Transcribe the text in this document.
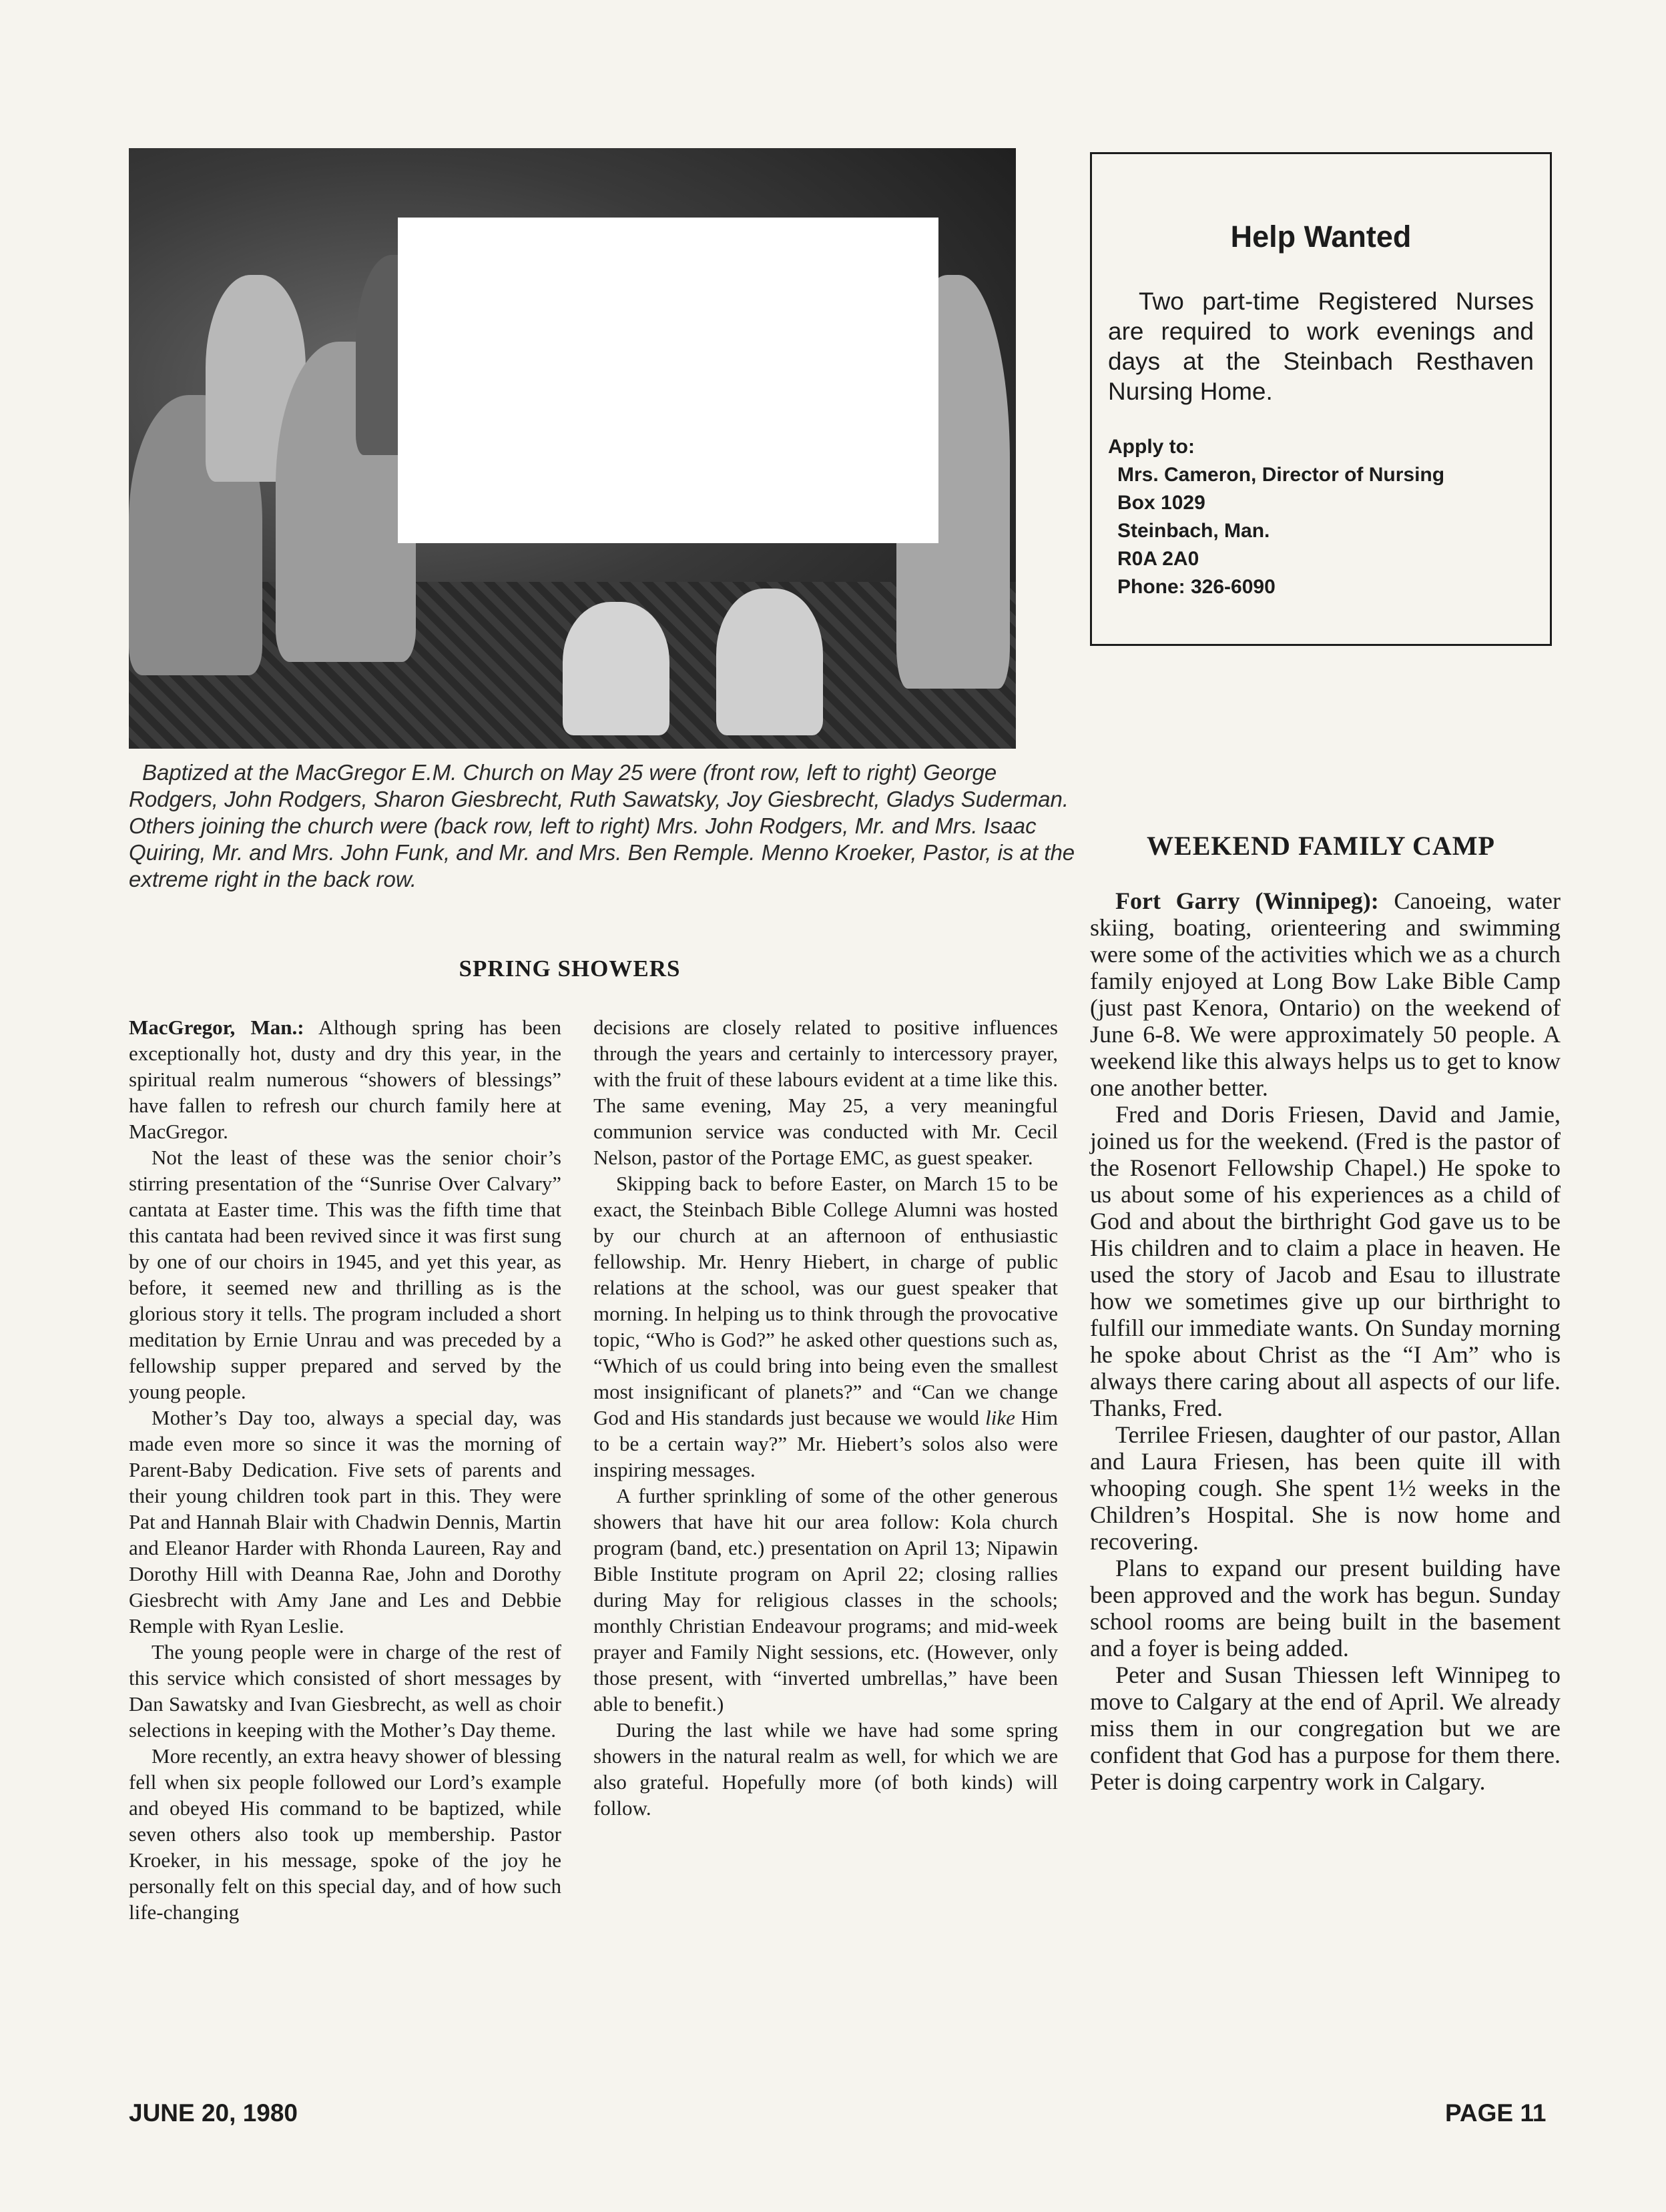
Help Wanted
Two part-time Registered Nurses are required to work evenings and days at the Steinbach Resthaven Nursing Home.
Apply to:
Mrs. Cameron, Director of Nursing
Box 1029
Steinbach, Man.
R0A 2A0
Phone: 326-6090
Baptized at the MacGregor E.M. Church on May 25 were (front row, left to right) George Rodgers, John Rodgers, Sharon Giesbrecht, Ruth Sawatsky, Joy Giesbrecht, Gladys Suderman. Others joining the church were (back row, left to right) Mrs. John Rodgers, Mr. and Mrs. Isaac Quiring, Mr. and Mrs. John Funk, and Mr. and Mrs. Ben Remple. Menno Kroeker, Pastor, is at the extreme right in the back row.
SPRING SHOWERS
WEEKEND FAMILY CAMP

MacGregor, Man.: Although spring has been exceptionally hot, dusty and dry this year, in the spiritual realm numerous “showers of blessings” have fallen to refresh our church family here at MacGregor.

Not the least of these was the senior choir’s stirring presentation of the “Sunrise Over Calvary” cantata at Easter time. This was the fifth time that this cantata had been revived since it was first sung by one of our choirs in 1945, and yet this year, as before, it seemed new and thrilling as is the glorious story it tells. The program included a short meditation by Ernie Unrau and was preceded by a fellowship supper prepared and served by the young people.

Mother’s Day too, always a special day, was made even more so since it was the morning of Parent-Baby Dedication. Five sets of parents and their young children took part in this. They were Pat and Hannah Blair with Chadwin Dennis, Martin and Eleanor Harder with Rhonda Laureen, Ray and Dorothy Hill with Deanna Rae, John and Dorothy Giesbrecht with Amy Jane and Les and Debbie Remple with Ryan Leslie.

The young people were in charge of the rest of this service which consisted of short messages by Dan Sawatsky and Ivan Giesbrecht, as well as choir selections in keeping with the Mother’s Day theme.

More recently, an extra heavy shower of blessing fell when six people followed our Lord’s example and obeyed His command to be baptized, while seven others also took up membership. Pastor Kroeker, in his message, spoke of the joy he personally felt on this special day, and of how such life-changing

decisions are closely related to positive influences through the years and certainly to intercessory prayer, with the fruit of these labours evident at a time like this. The same evening, May 25, a very meaningful communion service was conducted with Mr. Cecil Nelson, pastor of the Portage EMC, as guest speaker.

Skipping back to before Easter, on March 15 to be exact, the Steinbach Bible College Alumni was hosted by our church at an afternoon of enthusiastic fellowship. Mr. Henry Hiebert, in charge of public relations at the school, was our guest speaker that morning. In helping us to think through the provocative topic, “Who is God?” he asked other questions such as, “Which of us could bring into being even the smallest most insignificant of planets?” and “Can we change God and His standards just because we would like Him to be a certain way?” Mr. Hiebert’s solos also were inspiring messages.

A further sprinkling of some of the other generous showers that have hit our area follow: Kola church program (band, etc.) presentation on April 13; Nipawin Bible Institute program on April 22; closing rallies during May for religious classes in the schools; monthly Christian Endeavour programs; and mid-week prayer and Family Night sessions, etc. (However, only those present, with “inverted umbrellas,” have been able to benefit.)

During the last while we have had some spring showers in the natural realm as well, for which we are also grateful. Hopefully more (of both kinds) will follow.

Fort Garry (Winnipeg): Canoeing, water skiing, boating, orienteering and swimming were some of the activities which we as a church family enjoyed at Long Bow Lake Bible Camp (just past Kenora, Ontario) on the weekend of June 6-8. We were approximately 50 people. A weekend like this always helps us to get to know one another better.

Fred and Doris Friesen, David and Jamie, joined us for the weekend. (Fred is the pastor of the Rosenort Fellowship Chapel.) He spoke to us about some of his experiences as a child of God and about the birthright God gave us to be His children and to claim a place in heaven. He used the story of Jacob and Esau to illustrate how we sometimes give up our birthright to fulfill our immediate wants. On Sunday morning he spoke about Christ as the “I Am” who is always there caring about all aspects of our life. Thanks, Fred.

Terrilee Friesen, daughter of our pastor, Allan and Laura Friesen, has been quite ill with whooping cough. She spent 1½ weeks in the Children’s Hospital. She is now home and recovering.

Plans to expand our present building have been approved and the work has begun. Sunday school rooms are being built in the basement and a foyer is being added.

Peter and Susan Thiessen left Winnipeg to move to Calgary at the end of April. We already miss them in our congregation but we are confident that God has a purpose for them there. Peter is doing carpentry work in Calgary.

JUNE 20, 1980	PAGE 11
